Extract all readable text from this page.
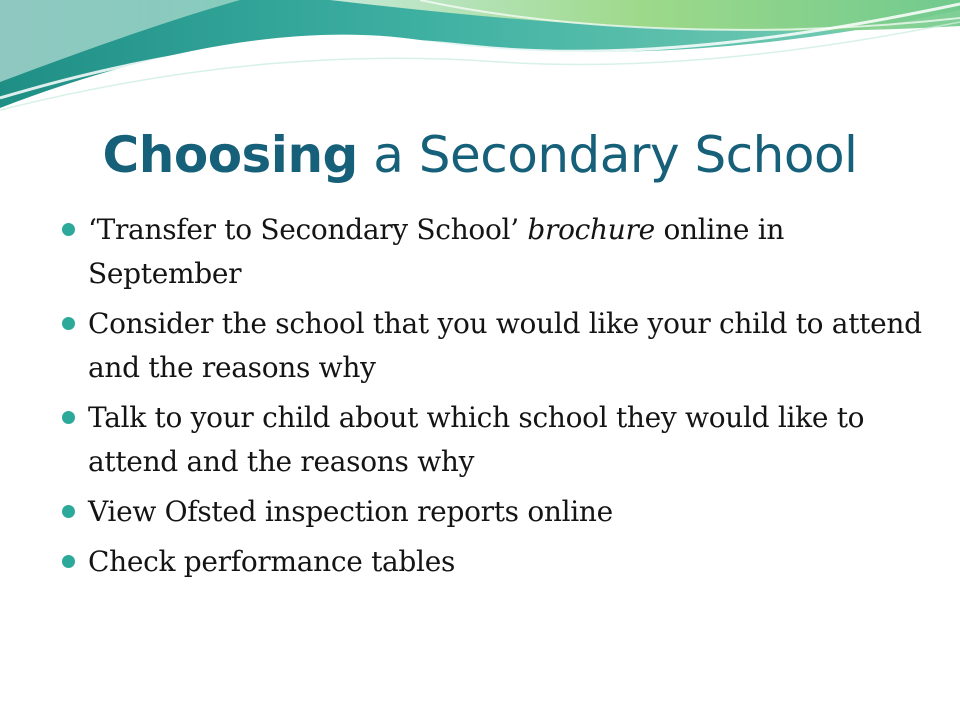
Choosing a Secondary School
‘Transfer to Secondary School’ brochure online in September
Consider the school that you would like your child to attend and the reasons why
Talk to your child about which school they would like to attend and the reasons why
View Ofsted inspection reports online
Check performance tables
